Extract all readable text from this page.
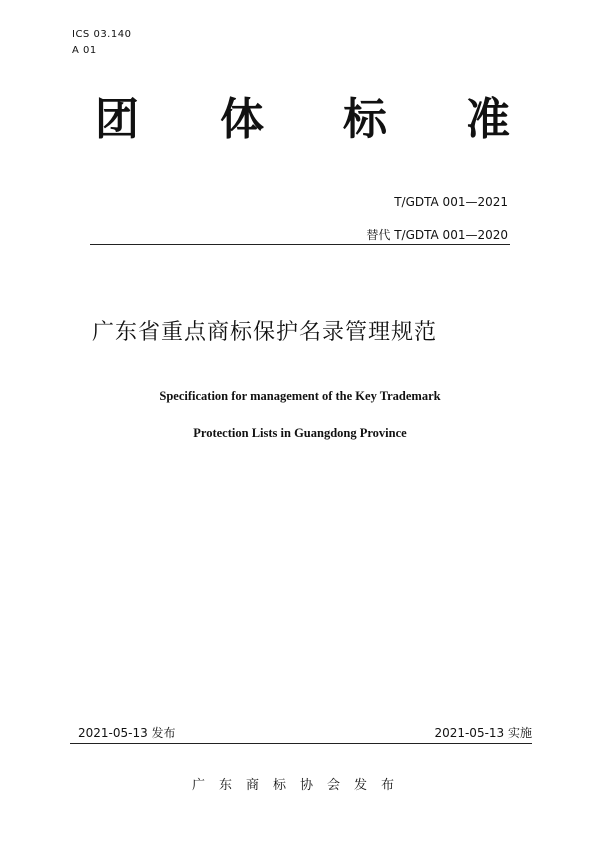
ICS 03.140
A 01
团 体 标 准
T/GDTA 001—2021
替代 T/GDTA 001—2020
广东省重点商标保护名录管理规范
Specification for management of the Key Trademark
Protection Lists in Guangdong Province
2021-05-13 发布	2021-05-13 实施
广东商标协会发布
